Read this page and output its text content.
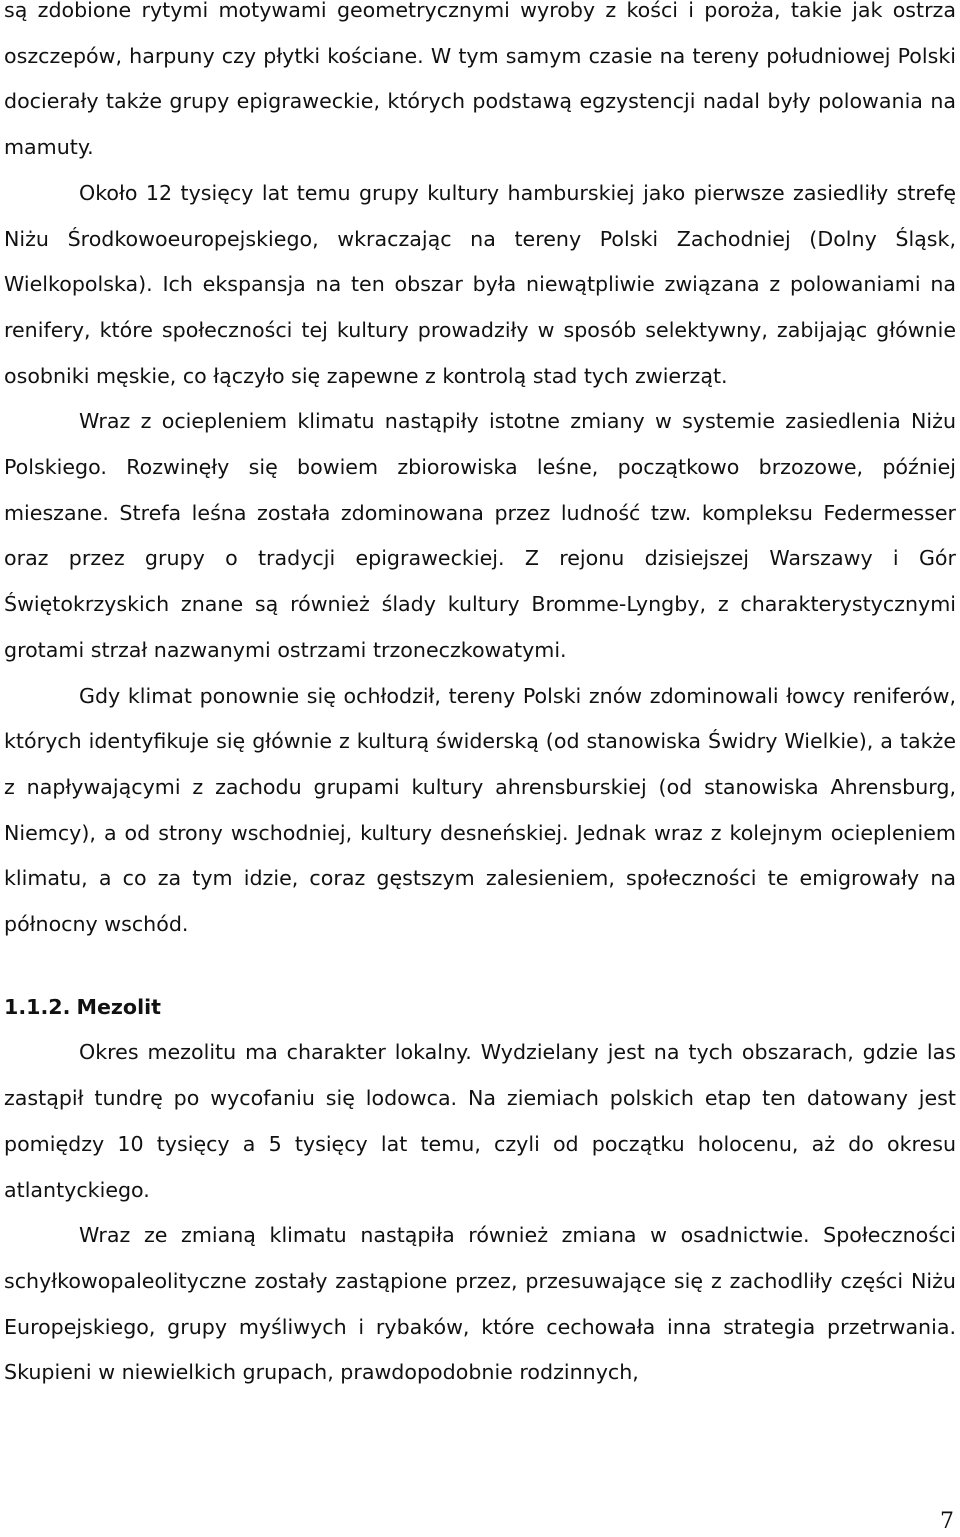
są zdobione rytymi motywami geometrycznymi wyroby z kości i poroża, takie jak ostrza oszczepów, harpuny czy płytki kościane. W tym samym czasie na tereny południowej Polski docierały także grupy epigraweckie, których podstawą egzystencji nadal były polowania na mamuty.

Około 12 tysięcy lat temu grupy kultury hamburskiej jako pierwsze zasiedliły strefę Niżu Środkowoeuropejskiego, wkraczając na tereny Polski Zachodniej (Dolny Śląsk, Wielkopolska). Ich ekspansja na ten obszar była niewątpliwie związana z polowaniami na renifery, które społeczności tej kultury prowadziły w sposób selektywny, zabijając głównie osobniki męskie, co łączyło się zapewne z kontrolą stad tych zwierząt.

Wraz z ociepleniem klimatu nastąpiły istotne zmiany w systemie zasiedlenia Niżu Polskiego. Rozwinęły się bowiem zbiorowiska leśne, początkowo brzozowe, później mieszane. Strefa leśna została zdominowana przez ludność tzw. kompleksu Federmesser oraz przez grupy o tradycji epigraweckiej. Z rejonu dzisiejszej Warszawy i Gór Świętokrzyskich znane są również ślady kultury Bromme-Lyngby, z charakterystycznymi grotami strzał nazwanymi ostrzami trzoneczkowatymi.

Gdy klimat ponownie się ochłodził, tereny Polski znów zdominowali łowcy reniferów, których identyfikuje się głównie z kulturą świderską (od stanowiska Świdry Wielkie), a także z napływającymi z zachodu grupami kultury ahrensburskiej (od stanowiska Ahrensburg, Niemcy), a od strony wschodniej, kultury desneńskiej. Jednak wraz z kolejnym ociepleniem klimatu, a co za tym idzie, coraz gęstszym zalesieniem, społeczności te emigrowały na północny wschód.

1.1.2. Mezolit

Okres mezolitu ma charakter lokalny. Wydzielany jest na tych obszarach, gdzie las zastąpił tundrę po wycofaniu się lodowca. Na ziemiach polskich etap ten datowany jest pomiędzy 10 tysięcy a 5 tysięcy lat temu, czyli od początku holocenu, aż do okresu atlantyckiego.

Wraz ze zmianą klimatu nastąpiła również zmiana w osadnictwie. Społeczności schyłkowopaleolityczne zostały zastąpione przez, przesuwające się z zachodliły części Niżu Europejskiego, grupy myśliwych i rybaków, które cechowała inna strategia przetrwania. Skupieni w niewielkich grupach, prawdopodobnie rodzinnych,

7
